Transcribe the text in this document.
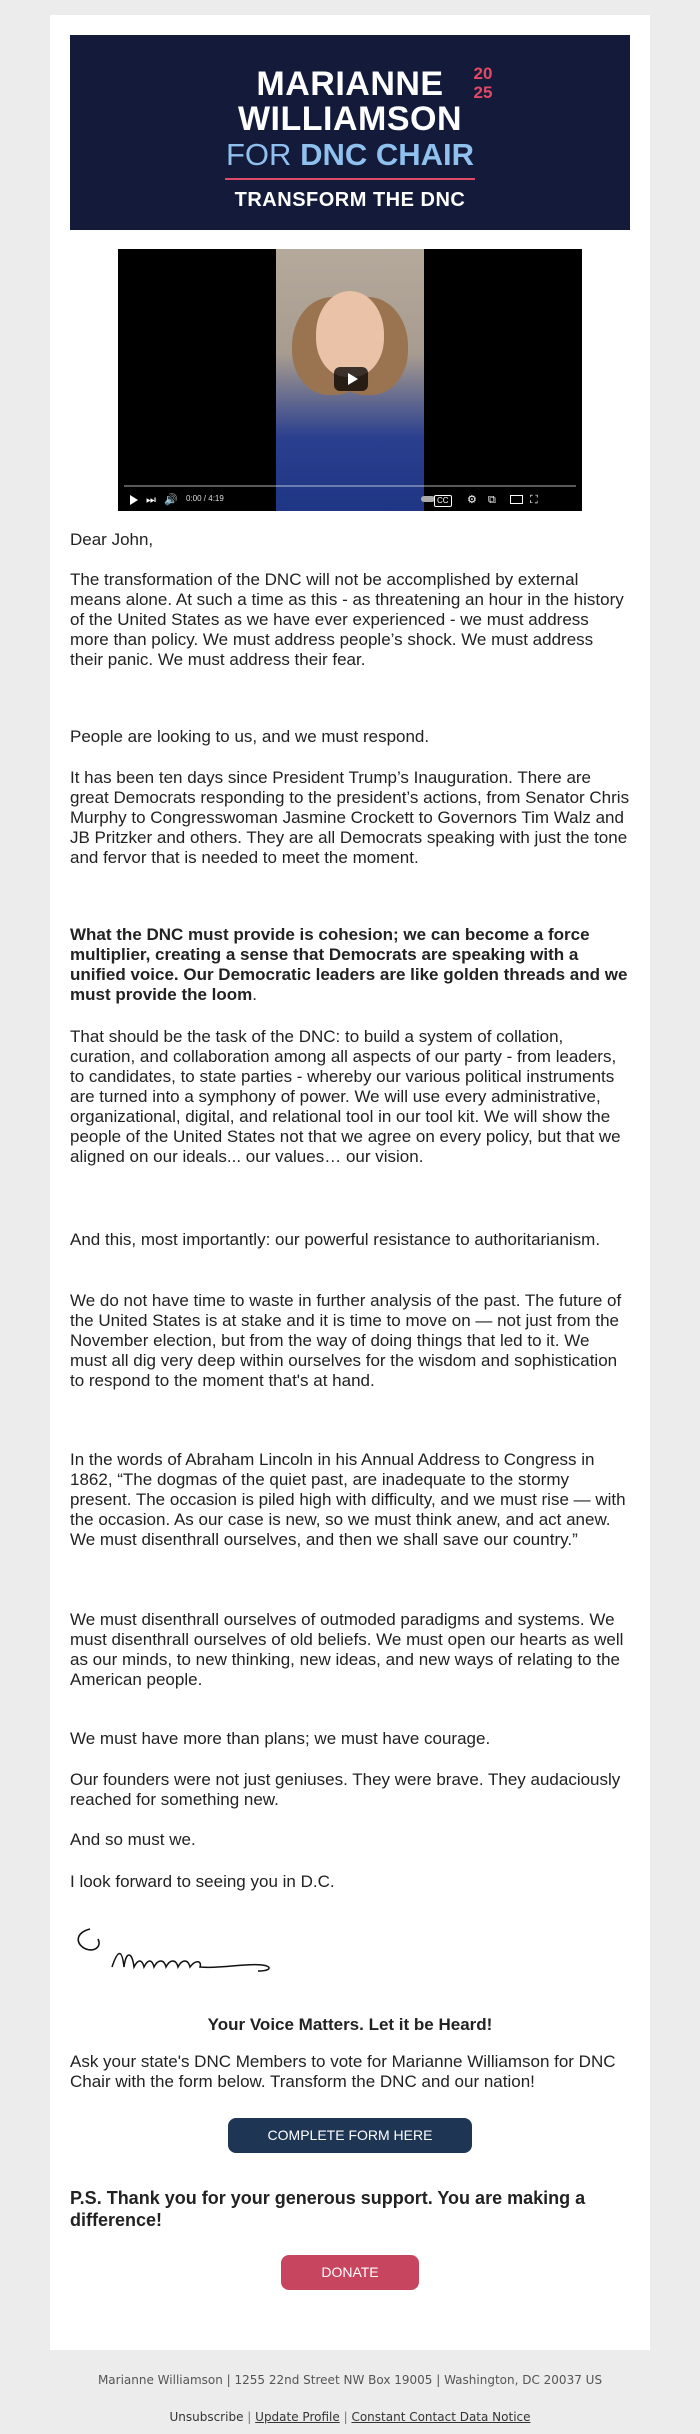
MARIANNE	20
25
WILLIAMSON
FOR DNC CHAIR
TRANSFORM THE DNC
⏭ 🔊 0:00 / 4:19	CC ⚙ ⧉	⛶

Dear John,

The transformation of the DNC will not be accomplished by external means alone. At such a time as this - as threatening an hour in the history of the United States as we have ever experienced - we must address more than policy. We must address people’s shock. We must address their panic. We must address their fear.

People are looking to us, and we must respond.

It has been ten days since President Trump’s Inauguration. There are great Democrats responding to the president’s actions, from Senator Chris Murphy to Congresswoman Jasmine Crockett to Governors Tim Walz and JB Pritzker and others. They are all Democrats speaking with just the tone and fervor that is needed to meet the moment.

What the DNC must provide is cohesion; we can become a force multiplier, creating a sense that Democrats are speaking with a unified voice. Our Democratic leaders are like golden threads and we must provide the loom.

That should be the task of the DNC: to build a system of collation, curation, and collaboration among all aspects of our party - from leaders, to candidates, to state parties - whereby our various political instruments are turned into a symphony of power. We will use every administrative, organizational, digital, and relational tool in our tool kit. We will show the people of the United States not that we agree on every policy, but that we aligned on our ideals... our values… our vision.

And this, most importantly: our powerful resistance to authoritarianism.

We do not have time to waste in further analysis of the past. The future of the United States is at stake and it is time to move on — not just from the November election, but from the way of doing things that led to it. We must all dig very deep within ourselves for the wisdom and sophistication to respond to the moment that's at hand.

In the words of Abraham Lincoln in his Annual Address to Congress in 1862, “The dogmas of the quiet past, are inadequate to the stormy present. The occasion is piled high with difficulty, and we must rise — with the occasion. As our case is new, so we must think anew, and act anew. We must disenthrall ourselves, and then we shall save our country.”

We must disenthrall ourselves of outmoded paradigms and systems. We must disenthrall ourselves of old beliefs. We must open our hearts as well as our minds, to new thinking, new ideas, and new ways of relating to the American people.

We must have more than plans; we must have courage.

Our founders were not just geniuses. They were brave. They audaciously reached for something new.

And so must we.

I look forward to seeing you in D.C.

Your Voice Matters. Let it be Heard!
Ask your state's DNC Members to vote for Marianne Williamson for DNC Chair with the form below. Transform the DNC and our nation!
COMPLETE FORM HERE
P.S. Thank you for your generous support. You are making a difference!
DONATE
Marianne Williamson | 1255 22nd Street NW Box 19005 | Washington, DC 20037 US
Unsubscribe | Update Profile | Constant Contact Data Notice
